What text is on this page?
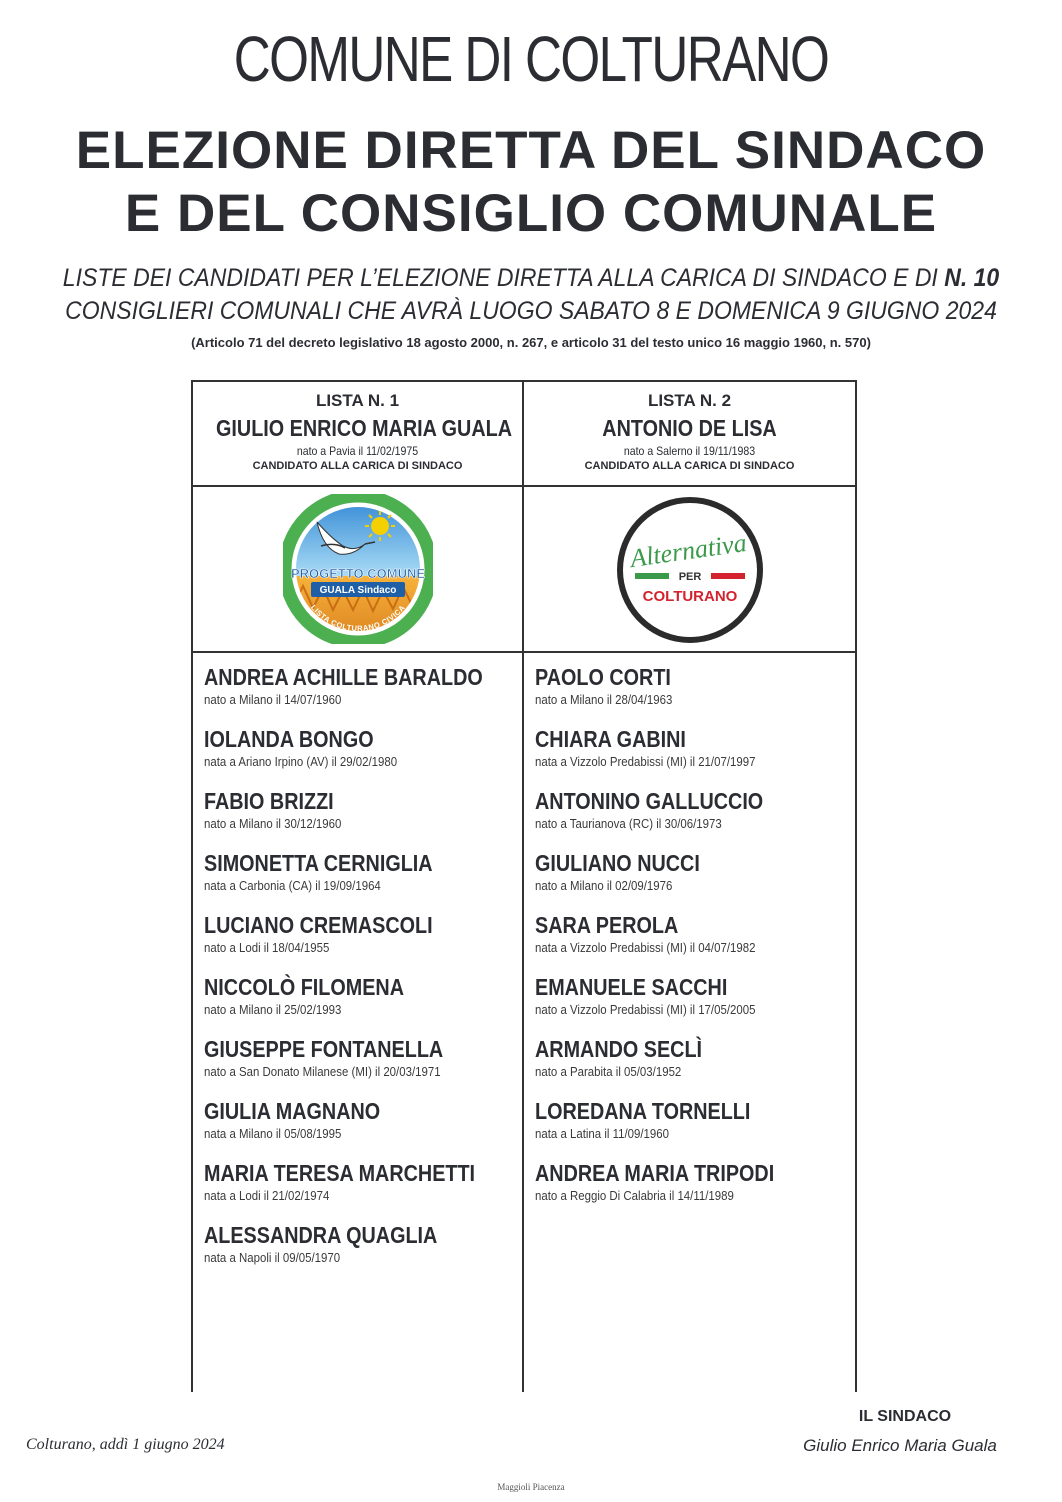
COMUNE DI COLTURANO
ELEZIONE DIRETTA DEL SINDACO
E DEL CONSIGLIO COMUNALE
LISTE DEI CANDIDATI PER L’ELEZIONE DIRETTA ALLA CARICA DI SINDACO E DI N. 10
CONSIGLIERI COMUNALI CHE AVRÀ LUOGO SABATO 8 E DOMENICA 9 GIUGNO 2024
(Articolo 71 del decreto legislativo 18 agosto 2000, n. 267, e articolo 31 del testo unico 16 maggio 1960, n. 570)
LISTA N. 1
GIULIO ENRICO MARIA GUALA
nato a Pavia il 11/02/1975
CANDIDATO ALLA CARICA DI SINDACO
LISTA N. 2
ANTONIO DE LISA
nato a Salerno il 19/11/1983
CANDIDATO ALLA CARICA DI SINDACO
PROGETTO COMUNE
GUALA Sindaco
LISTA COLTURANO CIVICA
Alternativa
PER
COLTURANO
ANDREA ACHILLE BARALDO
nato a Milano il 14/07/1960
IOLANDA BONGO
nata a Ariano Irpino (AV) il 29/02/1980
FABIO BRIZZI
nato a Milano il 30/12/1960
SIMONETTA CERNIGLIA
nata a Carbonia (CA) il 19/09/1964
LUCIANO CREMASCOLI
nato a Lodi il 18/04/1955
NICCOLÒ FILOMENA
nato a Milano il 25/02/1993
GIUSEPPE FONTANELLA
nato a San Donato Milanese (MI) il 20/03/1971
GIULIA MAGNANO
nata a Milano il 05/08/1995
MARIA TERESA MARCHETTI
nata a Lodi il 21/02/1974
ALESSANDRA QUAGLIA
nata a Napoli il 09/05/1970
PAOLO CORTI
nato a Milano il 28/04/1963
CHIARA GABINI
nata a Vizzolo Predabissi (MI) il 21/07/1997
ANTONINO GALLUCCIO
nato a Taurianova (RC) il 30/06/1973
GIULIANO NUCCI
nato a Milano il 02/09/1976
SARA PEROLA
nata a Vizzolo Predabissi (MI) il 04/07/1982
EMANUELE SACCHI
nato a Vizzolo Predabissi (MI) il 17/05/2005
ARMANDO SECLÌ
nato a Parabita il 05/03/1952
LOREDANA TORNELLI
nata a Latina il 11/09/1960
ANDREA MARIA TRIPODI
nato a Reggio Di Calabria il 14/11/1989
Colturano, addì 1 giugno 2024
IL SINDACO
Giulio Enrico Maria Guala
Maggioli Piacenza
